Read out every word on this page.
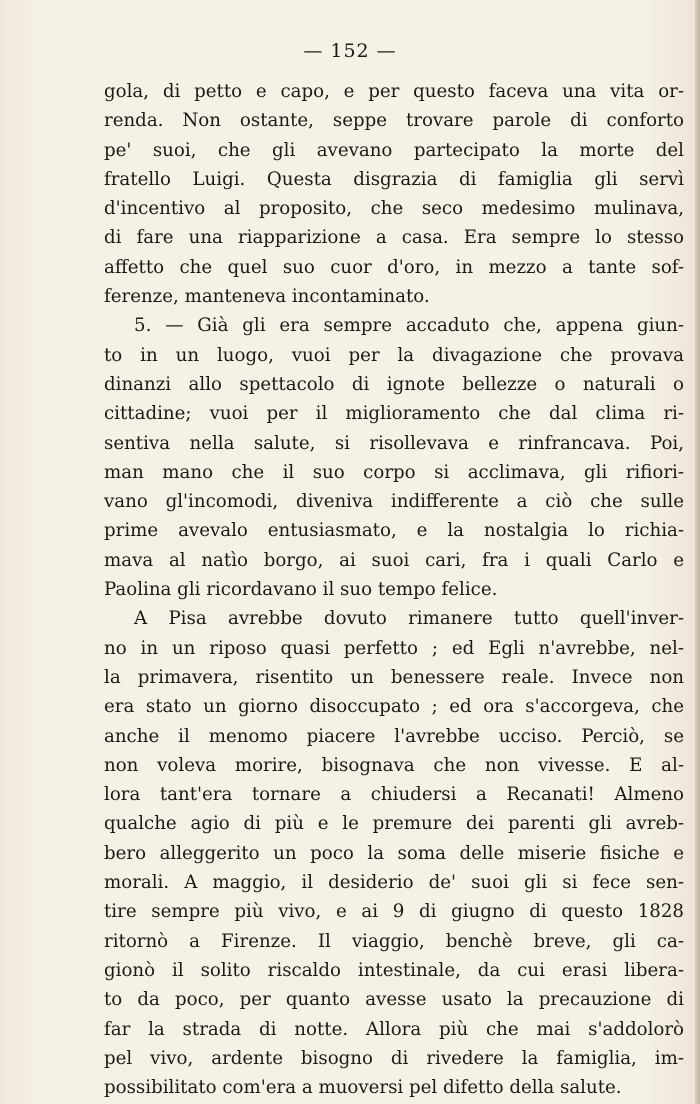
— 152 —
gola, di petto e capo, e per questo faceva una vita or-
renda. Non ostante, seppe trovare parole di conforto
pe' suoi, che gli avevano partecipato la morte del
fratello Luigi. Questa disgrazia di famiglia gli servì
d'incentivo al proposito, che seco medesimo mulinava,
di fare una riapparizione a casa. Era sempre lo stesso
affetto che quel suo cuor d'oro, in mezzo a tante sof-
ferenze, manteneva incontaminato.
5. — Già gli era sempre accaduto che, appena giun-
to in un luogo, vuoi per la divagazione che provava
dinanzi allo spettacolo di ignote bellezze o naturali o
cittadine; vuoi per il miglioramento che dal clima ri-
sentiva nella salute, si risollevava e rinfrancava. Poi,
man mano che il suo corpo si acclimava, gli rifiori-
vano gl'incomodi, diveniva indifferente a ciò che sulle
prime avevalo entusiasmato, e la nostalgia lo richia-
mava al natìo borgo, ai suoi cari, fra i quali Carlo e
Paolina gli ricordavano il suo tempo felice.
A Pisa avrebbe dovuto rimanere tutto quell'inver-
no in un riposo quasi perfetto ; ed Egli n'avrebbe, nel-
la primavera, risentito un benessere reale. Invece non
era stato un giorno disoccupato ; ed ora s'accorgeva, che
anche il menomo piacere l'avrebbe ucciso. Perciò, se
non voleva morire, bisognava che non vivesse. E al-
lora tant'era tornare a chiudersi a Recanati! Almeno
qualche agio di più e le premure dei parenti gli avreb-
bero alleggerito un poco la soma delle miserie fisiche e
morali. A maggio, il desiderio de' suoi gli si fece sen-
tire sempre più vivo, e ai 9 di giugno di questo 1828
ritornò a Firenze. Il viaggio, benchè breve, gli ca-
gionò il solito riscaldo intestinale, da cui erasi libera-
to da poco, per quanto avesse usato la precauzione di
far la strada di notte. Allora più che mai s'addolorò
pel vivo, ardente bisogno di rivedere la famiglia, im-
possibilitato com'era a muoversi pel difetto della salute.
